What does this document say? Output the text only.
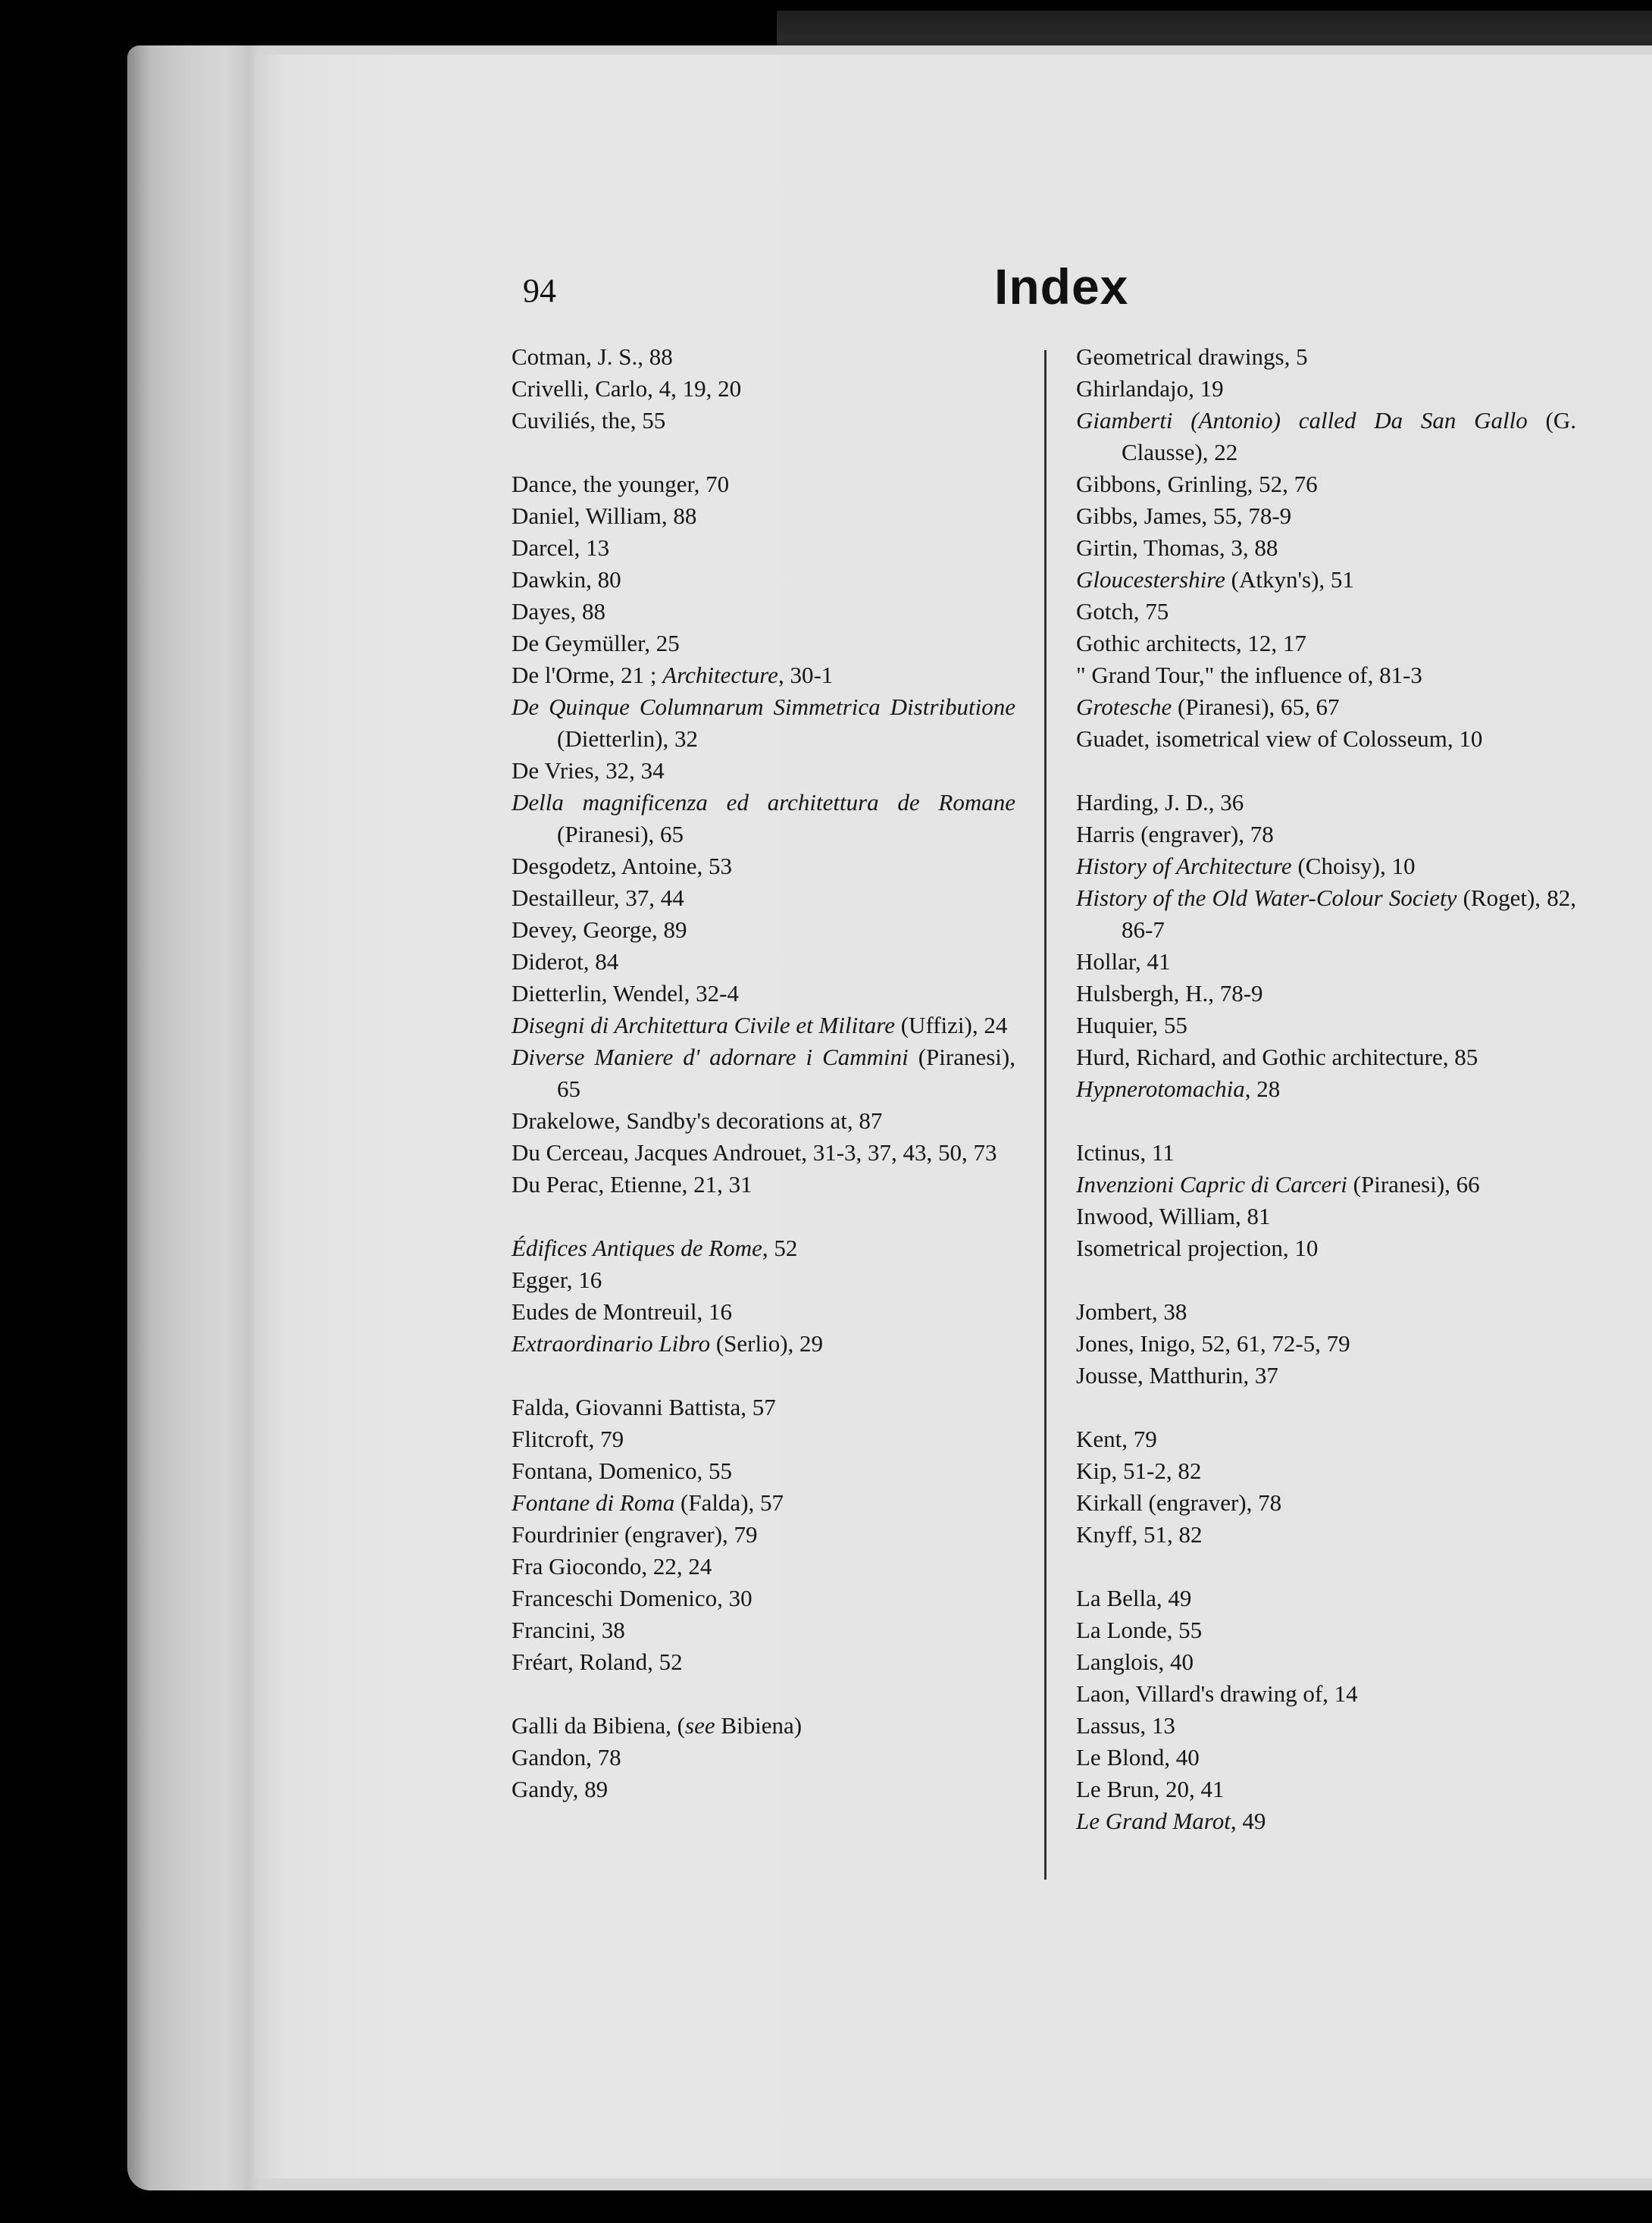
94	Index
Cotman, J. S., 88
Crivelli, Carlo, 4, 19, 20
Cuviliés, the, 55
Dance, the younger, 70
Daniel, William, 88
Darcel, 13
Dawkin, 80
Dayes, 88
De Geymüller, 25
De l'Orme, 21 ; Architecture, 30-1
De Quinque Columnarum Simmetrica Distributione (Dietterlin), 32
De Vries, 32, 34
Della magnificenza ed architettura de Romane (Piranesi), 65
Desgodetz, Antoine, 53
Destailleur, 37, 44
Devey, George, 89
Diderot, 84
Dietterlin, Wendel, 32-4
Disegni di Architettura Civile et Militare (Uffizi), 24
Diverse Maniere d' adornare i Cammini (Piranesi), 65
Drakelowe, Sandby's decorations at, 87
Du Cerceau, Jacques Androuet, 31-3, 37, 43, 50, 73
Du Perac, Etienne, 21, 31
Édifices Antiques de Rome, 52
Egger, 16
Eudes de Montreuil, 16
Extraordinario Libro (Serlio), 29
Falda, Giovanni Battista, 57
Flitcroft, 79
Fontana, Domenico, 55
Fontane di Roma (Falda), 57
Fourdrinier (engraver), 79
Fra Giocondo, 22, 24
Franceschi Domenico, 30
Francini, 38
Fréart, Roland, 52
Galli da Bibiena, (see Bibiena)
Gandon, 78
Gandy, 89
Geometrical drawings, 5
Ghirlandajo, 19
Giamberti (Antonio) called Da San Gallo (G. Clausse), 22
Gibbons, Grinling, 52, 76
Gibbs, James, 55, 78-9
Girtin, Thomas, 3, 88
Gloucestershire (Atkyn's), 51
Gotch, 75
Gothic architects, 12, 17
" Grand Tour," the influence of, 81-3
Grotesche (Piranesi), 65, 67
Guadet, isometrical view of Colosseum, 10
Harding, J. D., 36
Harris (engraver), 78
History of Architecture (Choisy), 10
History of the Old Water-Colour Society (Roget), 82, 86-7
Hollar, 41
Hulsbergh, H., 78-9
Huquier, 55
Hurd, Richard, and Gothic architecture, 85
Hypnerotomachia, 28
Ictinus, 11
Invenzioni Capric di Carceri (Piranesi), 66
Inwood, William, 81
Isometrical projection, 10
Jombert, 38
Jones, Inigo, 52, 61, 72-5, 79
Jousse, Matthurin, 37
Kent, 79
Kip, 51-2, 82
Kirkall (engraver), 78
Knyff, 51, 82
La Bella, 49
La Londe, 55
Langlois, 40
Laon, Villard's drawing of, 14
Lassus, 13
Le Blond, 40
Le Brun, 20, 41
Le Grand Marot, 49
